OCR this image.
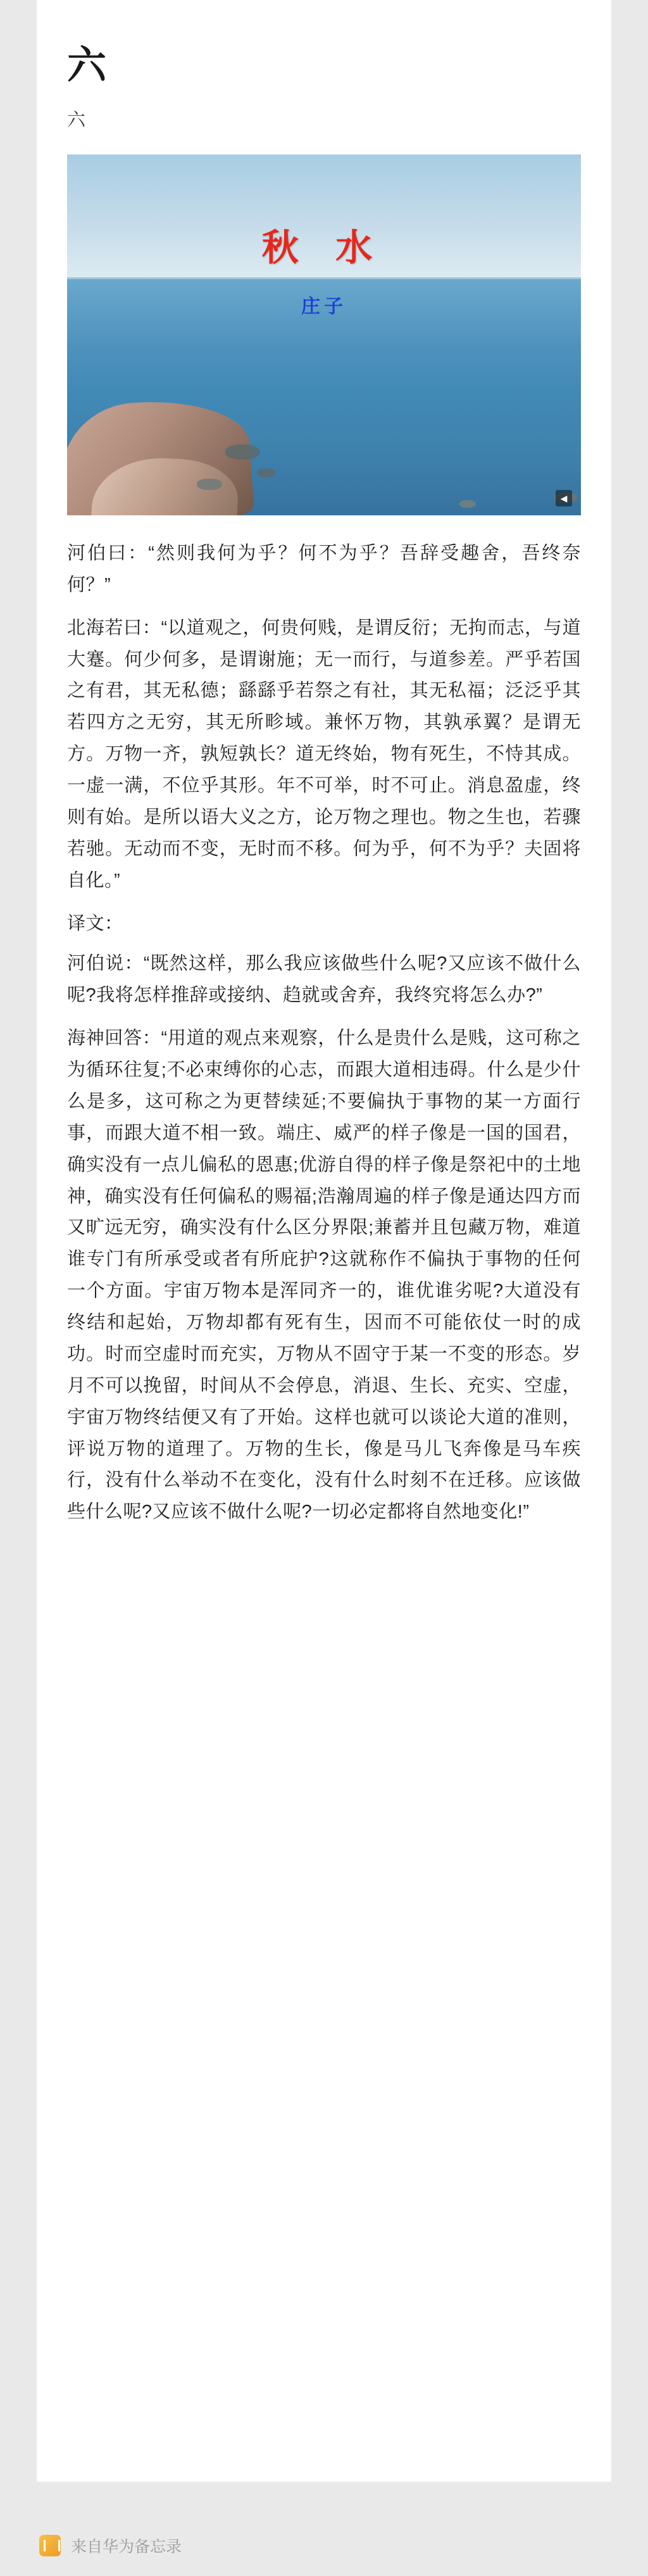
六
六
秋 水
庄子
◀

河伯曰：“然则我何为乎？何不为乎？吾辞受趣舍，吾终奈何？”

北海若曰：“以道观之，何贵何贱，是谓反衍；无拘而志，与道大蹇。何少何多，是谓谢施；无一而行，与道参差。严乎若国之有君，其无私德；繇繇乎若祭之有社，其无私福；泛泛乎其若四方之无穷，其无所畛域。兼怀万物，其孰承翼？是谓无方。万物一齐，孰短孰长？道无终始，物有死生，不恃其成。一虚一满，不位乎其形。年不可举，时不可止。消息盈虚，终则有始。是所以语大义之方，论万物之理也。物之生也，若骤若驰。无动而不变，无时而不移。何为乎，何不为乎？夫固将自化。”

译文：

河伯说：“既然这样，那么我应该做些什么呢?又应该不做什么呢?我将怎样推辞或接纳、趋就或舍弃，我终究将怎么办?”

海神回答：“用道的观点来观察，什么是贵什么是贱，这可称之为循环往复;不必束缚你的心志，而跟大道相违碍。什么是少什么是多，这可称之为更替续延;不要偏执于事物的某一方面行事，而跟大道不相一致。端庄、威严的样子像是一国的国君，确实没有一点儿偏私的恩惠;优游自得的样子像是祭祀中的土地神，确实没有任何偏私的赐福;浩瀚周遍的样子像是通达四方而又旷远无穷，确实没有什么区分界限;兼蓄并且包藏万物，难道谁专门有所承受或者有所庇护?这就称作不偏执于事物的任何一个方面。宇宙万物本是浑同齐一的，谁优谁劣呢?大道没有终结和起始，万物却都有死有生，因而不可能依仗一时的成功。时而空虚时而充实，万物从不固守于某一不变的形态。岁月不可以挽留，时间从不会停息，消退、生长、充实、空虚，宇宙万物终结便又有了开始。这样也就可以谈论大道的准则，评说万物的道理了。万物的生长，像是马儿飞奔像是马车疾行，没有什么举动不在变化，没有什么时刻不在迁移。应该做些什么呢?又应该不做什么呢?一切必定都将自然地变化!”

来自华为备忘录
